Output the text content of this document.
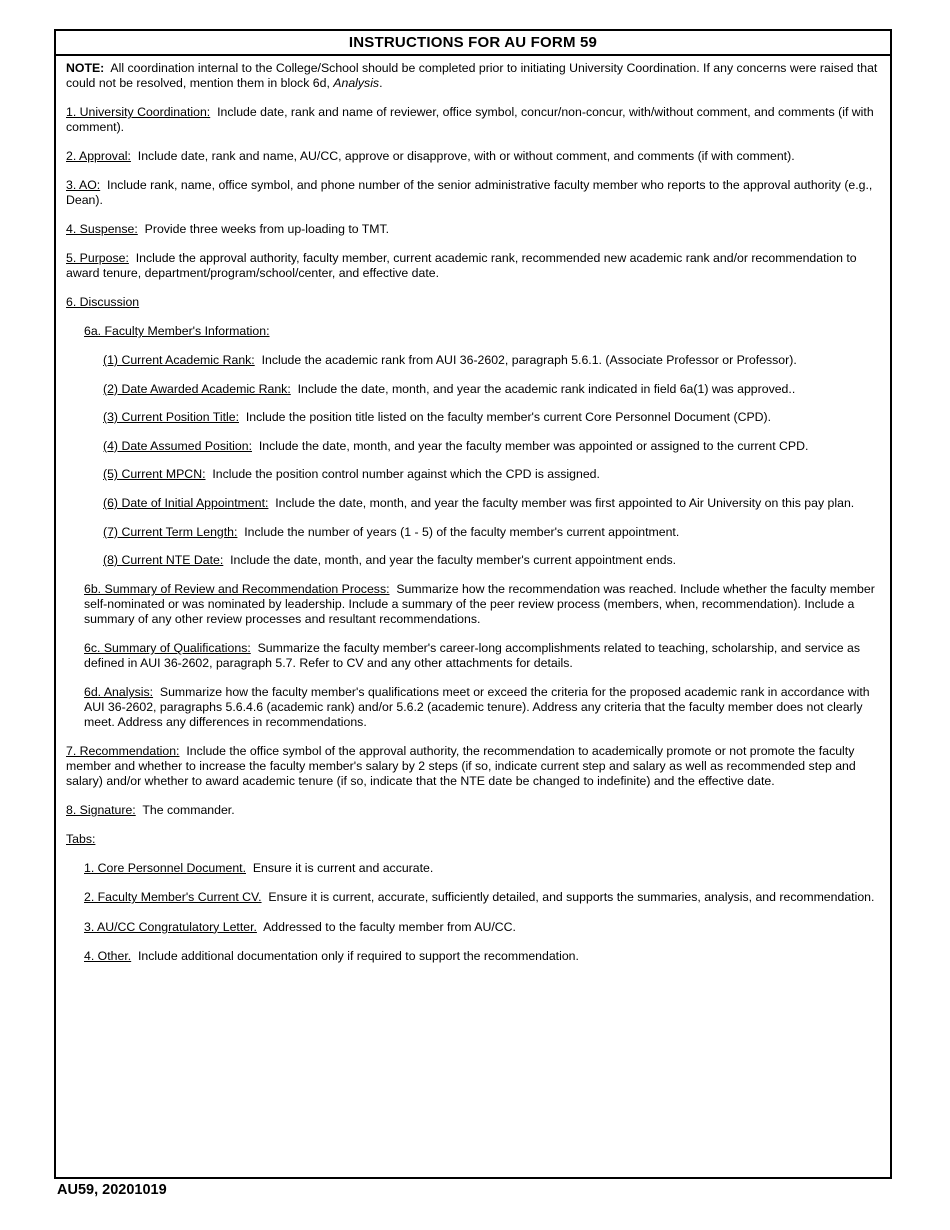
INSTRUCTIONS FOR AU FORM 59

NOTE: All coordination internal to the College/School should be completed prior to initiating University Coordination. If any concerns were raised that could not be resolved, mention them in block 6d, Analysis.

1. University Coordination: Include date, rank and name of reviewer, office symbol, concur/non-concur, with/without comment, and comments (if with comment).

2. Approval: Include date, rank and name, AU/CC, approve or disapprove, with or without comment, and comments (if with comment).

3. AO: Include rank, name, office symbol, and phone number of the senior administrative faculty member who reports to the approval authority (e.g., Dean).

4. Suspense: Provide three weeks from up-loading to TMT.

5. Purpose: Include the approval authority, faculty member, current academic rank, recommended new academic rank and/or recommendation to award tenure, department/program/school/center, and effective date.

6. Discussion

6a. Faculty Member's Information:

(1) Current Academic Rank: Include the academic rank from AUI 36-2602, paragraph 5.6.1. (Associate Professor or Professor).

(2) Date Awarded Academic Rank: Include the date, month, and year the academic rank indicated in field 6a(1) was approved..

(3) Current Position Title: Include the position title listed on the faculty member's current Core Personnel Document (CPD).

(4) Date Assumed Position: Include the date, month, and year the faculty member was appointed or assigned to the current CPD.

(5) Current MPCN: Include the position control number against which the CPD is assigned.

(6) Date of Initial Appointment: Include the date, month, and year the faculty member was first appointed to Air University on this pay plan.

(7) Current Term Length: Include the number of years (1 - 5) of the faculty member's current appointment.

(8) Current NTE Date: Include the date, month, and year the faculty member's current appointment ends.

6b. Summary of Review and Recommendation Process: Summarize how the recommendation was reached. Include whether the faculty member self-nominated or was nominated by leadership. Include a summary of the peer review process (members, when, recommendation). Include a summary of any other review processes and resultant recommendations.

6c. Summary of Qualifications: Summarize the faculty member's career-long accomplishments related to teaching, scholarship, and service as defined in AUI 36-2602, paragraph 5.7. Refer to CV and any other attachments for details.

6d. Analysis: Summarize how the faculty member's qualifications meet or exceed the criteria for the proposed academic rank in accordance with AUI 36-2602, paragraphs 5.6.4.6 (academic rank) and/or 5.6.2 (academic tenure). Address any criteria that the faculty member does not clearly meet. Address any differences in recommendations.

7. Recommendation: Include the office symbol of the approval authority, the recommendation to academically promote or not promote the faculty member and whether to increase the faculty member's salary by 2 steps (if so, indicate current step and salary as well as recommended step and salary) and/or whether to award academic tenure (if so, indicate that the NTE date be changed to indefinite) and the effective date.

8. Signature: The commander.

Tabs:

1. Core Personnel Document. Ensure it is current and accurate.

2. Faculty Member's Current CV. Ensure it is current, accurate, sufficiently detailed, and supports the summaries, analysis, and recommendation.

3. AU/CC Congratulatory Letter. Addressed to the faculty member from AU/CC.

4. Other. Include additional documentation only if required to support the recommendation.

AU59, 20201019
